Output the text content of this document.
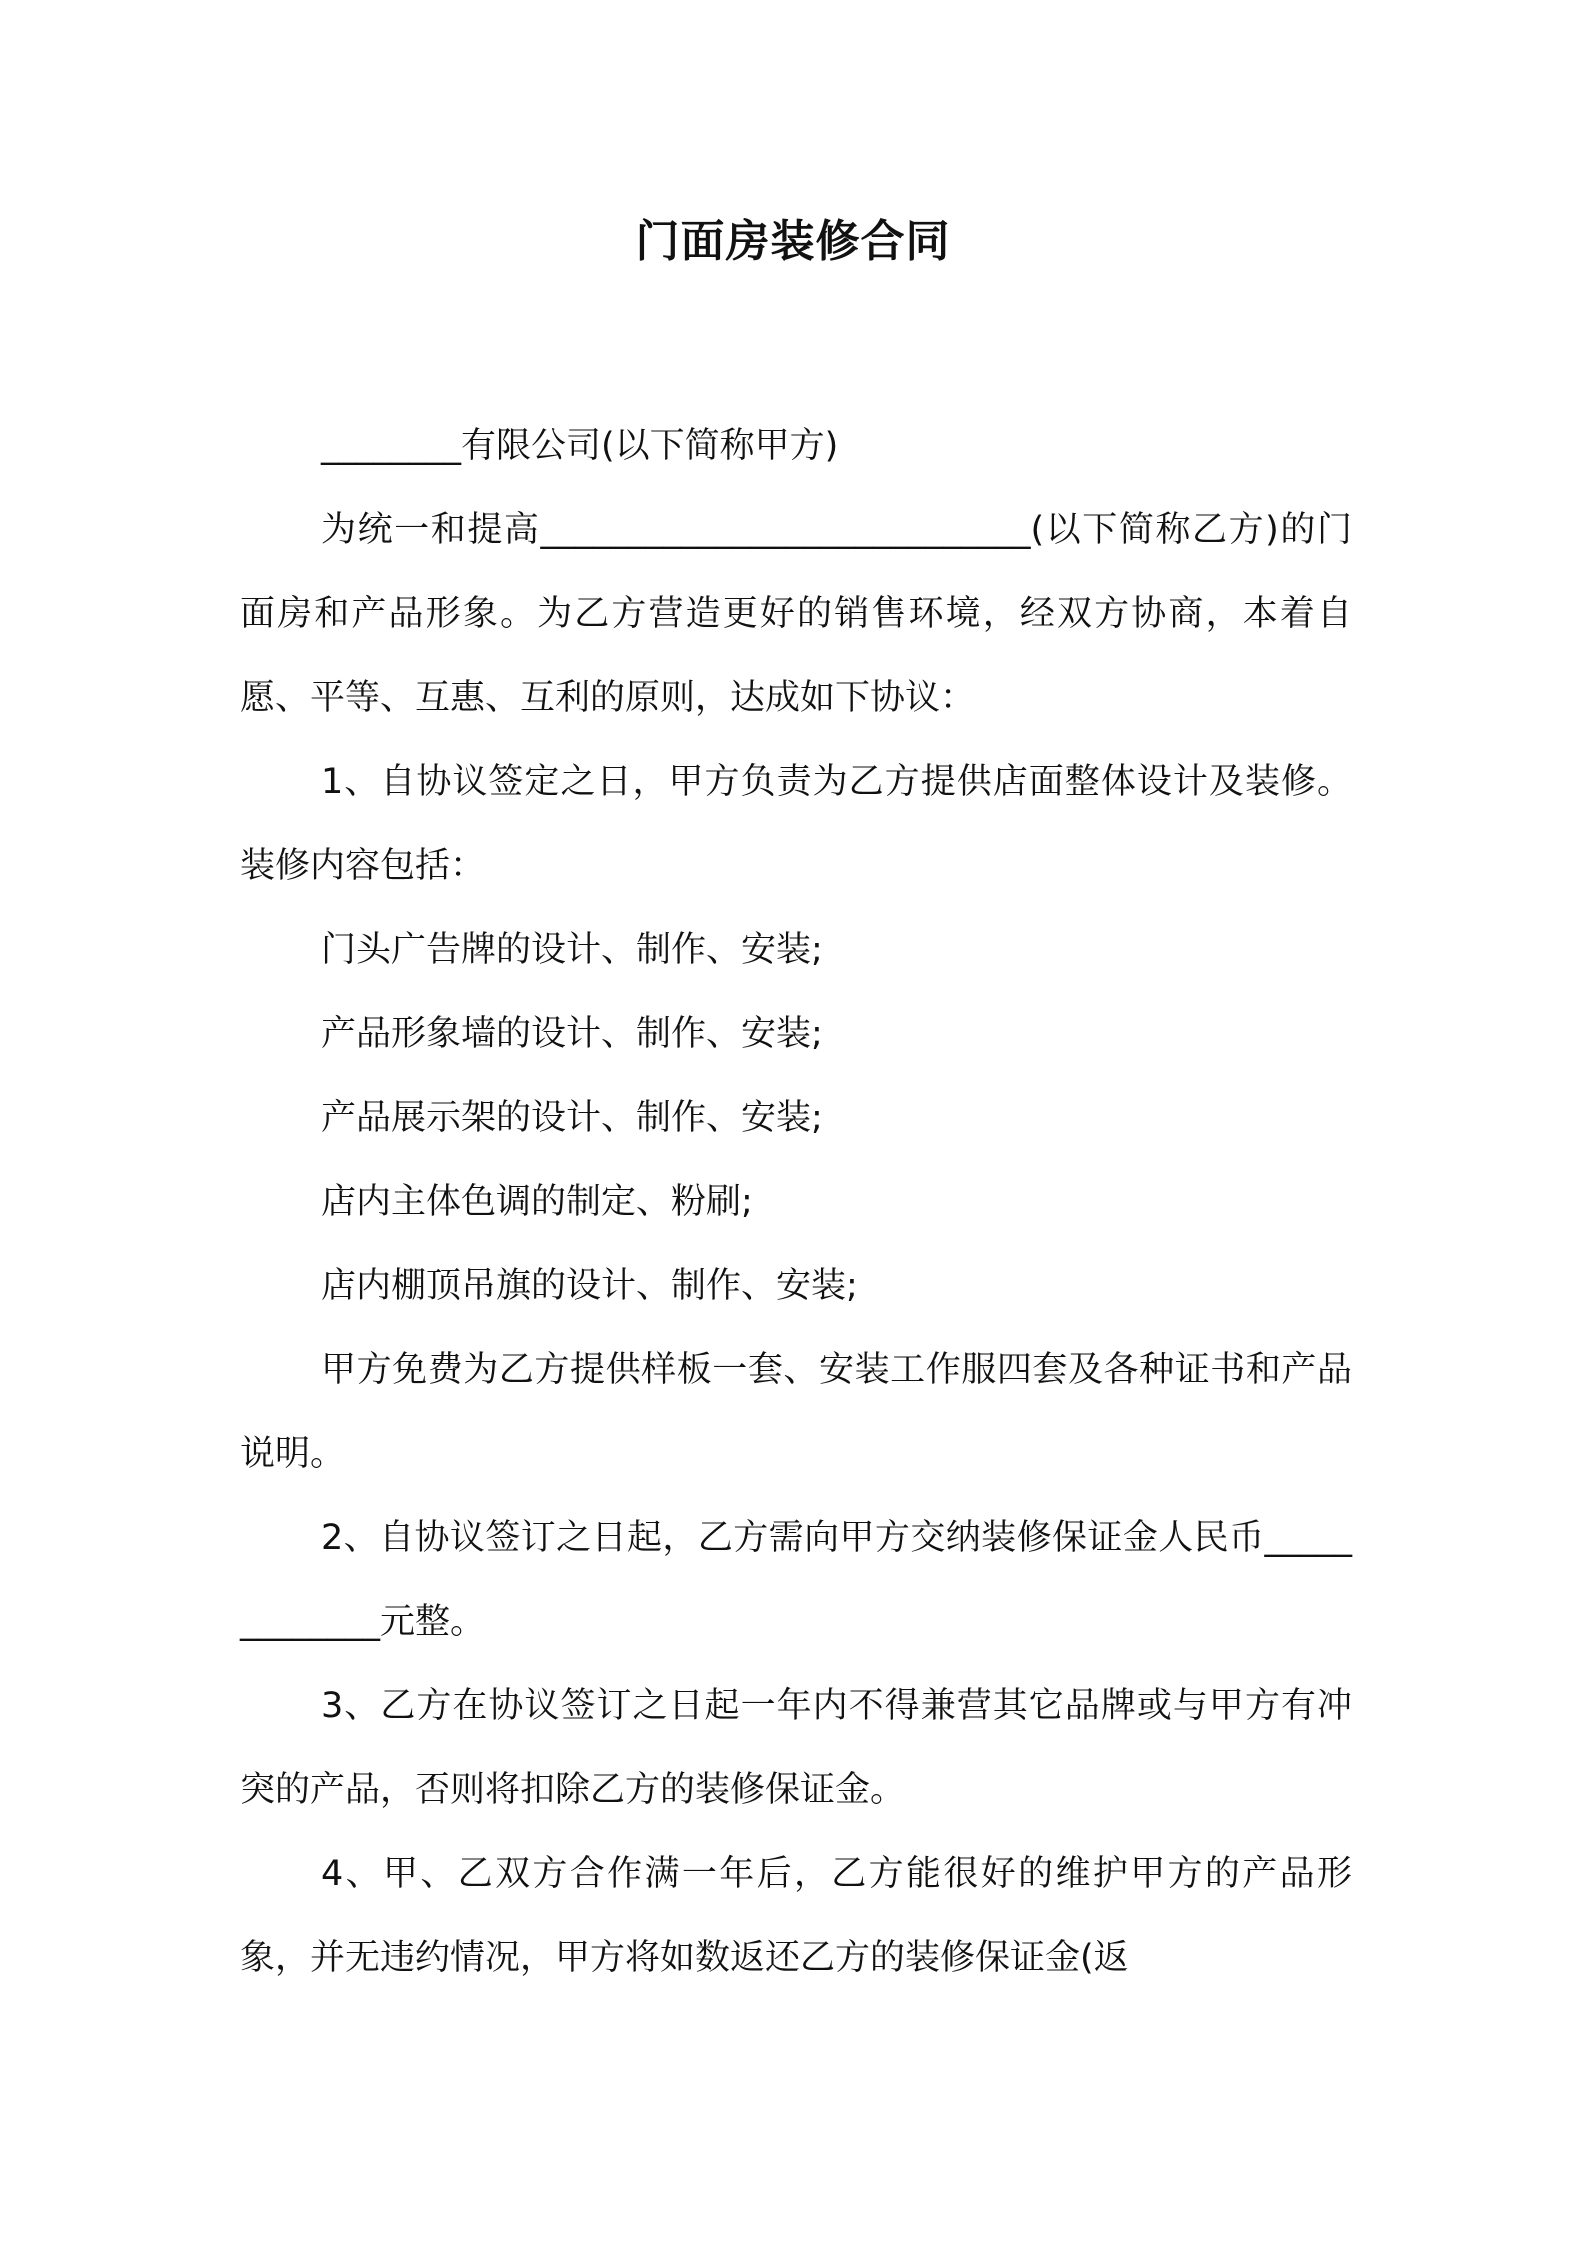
门面房装修合同

________有限公司(以下简称甲方)

为统一和提高____________________________(以下简称乙方)的门面房和产品形象。为乙方营造更好的销售环境，经双方协商，本着自愿、平等、互惠、互利的原则，达成如下协议：

1、自协议签定之日，甲方负责为乙方提供店面整体设计及装修。装修内容包括：

门头广告牌的设计、制作、安装;

产品形象墙的设计、制作、安装;

产品展示架的设计、制作、安装;

店内主体色调的制定、粉刷;

店内棚顶吊旗的设计、制作、安装;

甲方免费为乙方提供样板一套、安装工作服四套及各种证书和产品说明。

2、自协议签订之日起，乙方需向甲方交纳装修保证金人民币_____________元整。

3、乙方在协议签订之日起一年内不得兼营其它品牌或与甲方有冲突的产品，否则将扣除乙方的装修保证金。

4、甲、乙双方合作满一年后，乙方能很好的维护甲方的产品形象，并无违约情况，甲方将如数返还乙方的装修保证金(返
